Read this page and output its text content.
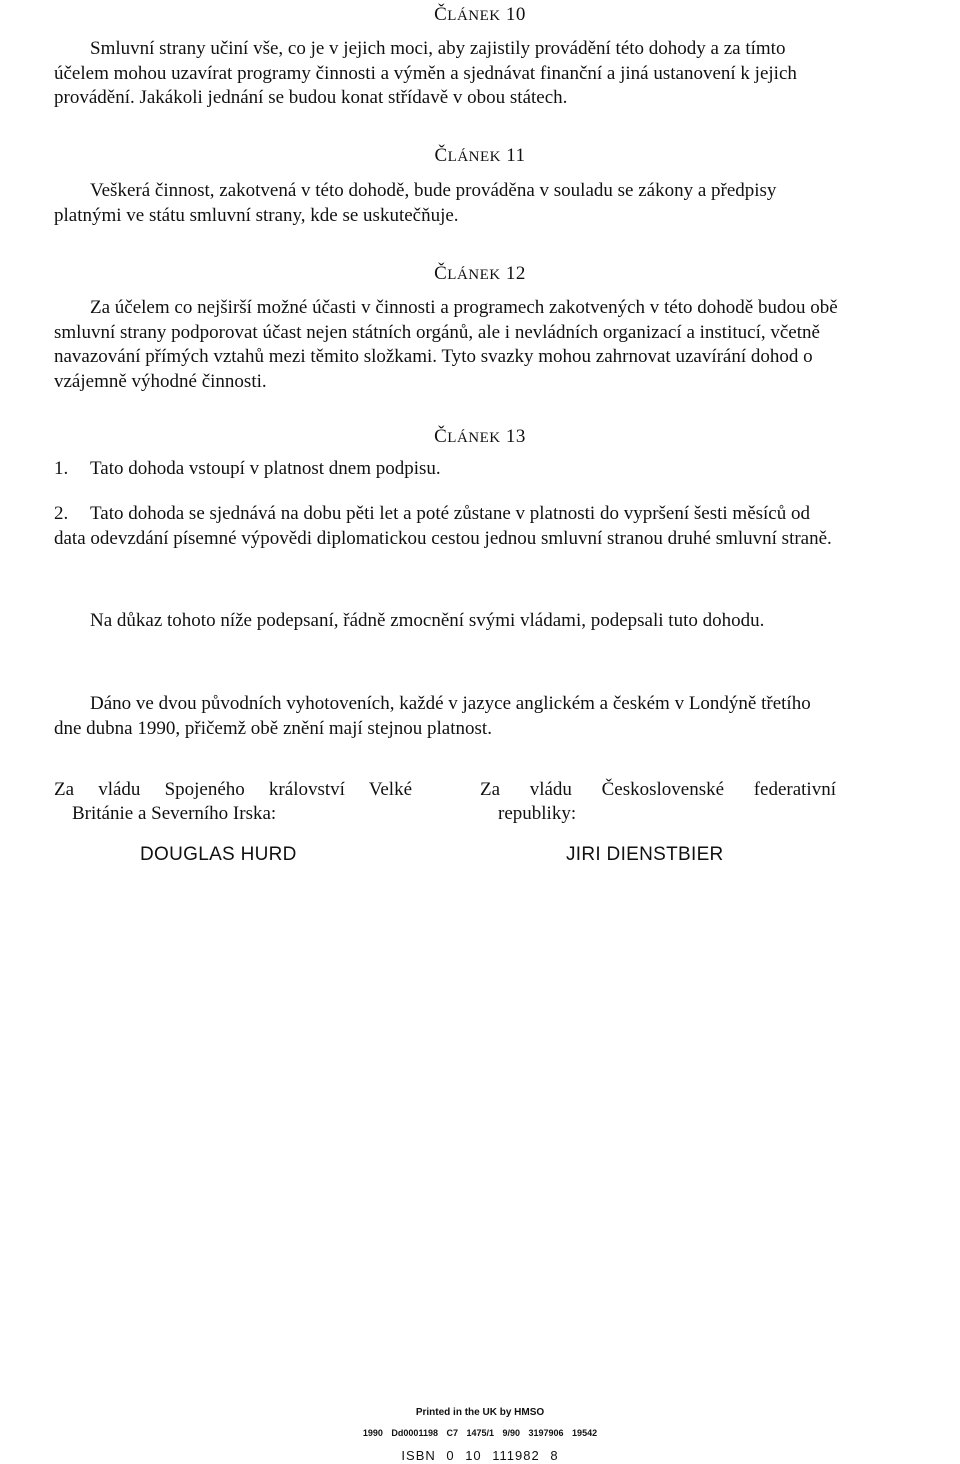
ČLÁNEK 10
Smluvní strany učiní vše, co je v jejich moci, aby zajistily provádění této dohody a za tímto účelem mohou uzavírat programy činnosti a výměn a sjednávat finanční a jiná ustanovení k jejich provádění. Jakákoli jednání se budou konat střídavě v obou státech.
ČLÁNEK 11
Veškerá činnost, zakotvená v této dohodě, bude prováděna v souladu se zákony a předpisy platnými ve státu smluvní strany, kde se uskutečňuje.
ČLÁNEK 12
Za účelem co nejširší možné účasti v činnosti a programech zakotvených v této dohodě budou obě smluvní strany podporovat účast nejen státních orgánů, ale i nevládních organizací a institucí, včetně navazování přímých vztahů mezi těmito složkami. Tyto svazky mohou zahrnovat uzavírání dohod o vzájemně výhodné činnosti.
ČLÁNEK 13
1. Tato dohoda vstoupí v platnost dnem podpisu.
2. Tato dohoda se sjednává na dobu pěti let a poté zůstane v platnosti do vypršení šesti měsíců od data odevzdání písemné výpovědi diplomatickou cestou jednou smluvní stranou druhé smluvní straně.
Na důkaz tohoto níže podepsaní, řádně zmocnění svými vládami, podepsali tuto dohodu.
Dáno ve dvou původních vyhotoveních, každé v jazyce anglickém a českém v Londýně třetího dne dubna 1990, přičemž obě znění mají stejnou platnost.
Za vládu Spojeného království Velké
Británie a Severního Irska:
DOUGLAS HURD
Za vládu Československé federativní
republiky:
JIRI DIENSTBIER
Printed in the UK by HMSO
1990 Dd0001198 C7 1475/1 9/90 3197906 19542
ISBN 0 10 111982 8
